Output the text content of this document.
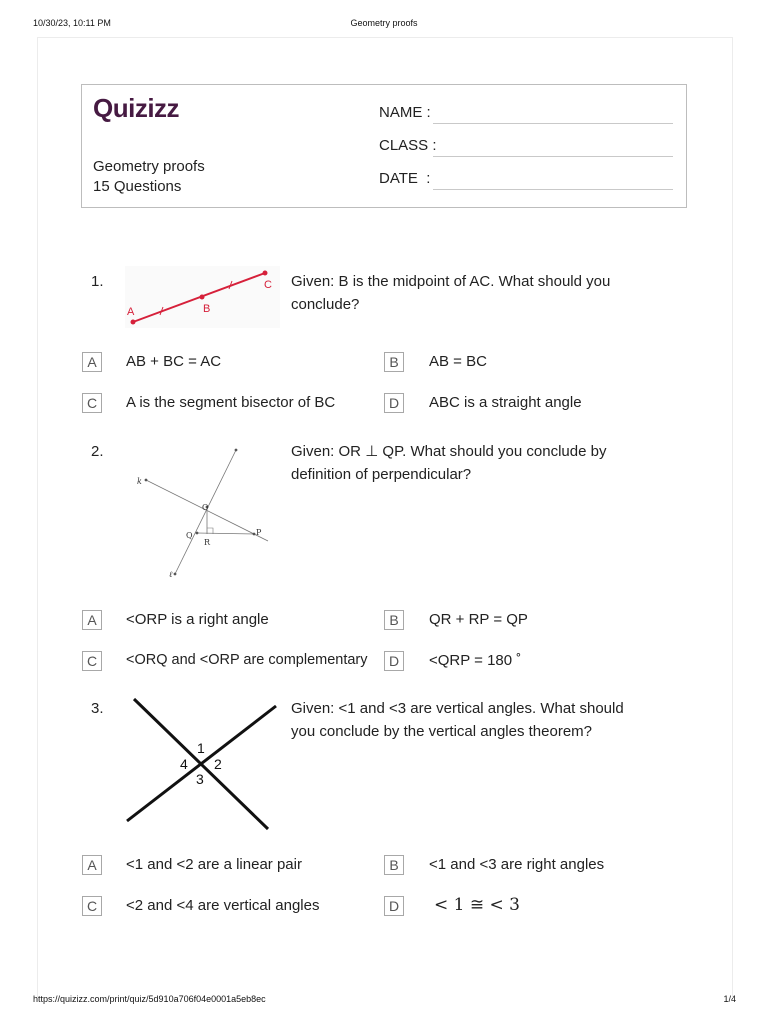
10/30/23, 10:11 PM	Geometry proofs
https://quizizz.com/print/quiz/5d910a706f04e0001a5eb8ec	1/4
Quizizz
Geometry proofs
15 Questions
NAME :
CLASS :
DATE  :
1.
A	B
C Given: B is the midpoint of AC. What should you conclude?
A	AB + BC = AC	B	AB = BC
C	A is the segment bisector of BC	D	ABC is a straight angle
2.
k
O
Q
R
P
ℓ
Given: OR ⊥ QP. What should you conclude by definition of perpendicular?
A	<ORP is a right angle	B	QR + RP = QP
C	<ORQ and <ORP are complementary	D	<QRP = 180 ˚
3.
1
2
3
4
Given: <1 and <3 are vertical angles. What should you conclude by the vertical angles theorem?
A	<1 and <2 are a linear pair	B	<1 and <3 are right angles
C	<2 and <4 are vertical angles	D < 1 ≅ < 3
